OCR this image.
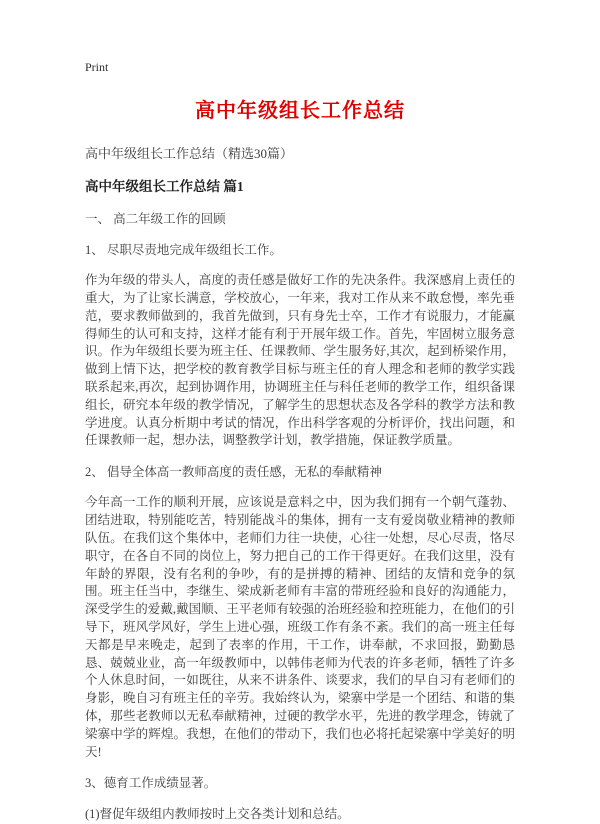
Print
高中年级组长工作总结
高中年级组长工作总结（精选30篇）
高中年级组长工作总结 篇1

一、 高二年级工作的回顾

1、 尽职尽责地完成年级组长工作。

作为年级的带头人，高度的责任感是做好工作的先决条件。我深感肩上责任的重大，为了让家长满意，学校放心，一年来，我对工作从来不敢怠慢，率先垂范，要求教师做到的，我首先做到，只有身先士卒，工作才有说服力，才能赢得师生的认可和支持，这样才能有利于开展年级工作。首先，牢固树立服务意识。作为年级组长要为班主任、任课教师、学生服务好,其次，起到桥梁作用，做到上情下达，把学校的教育教学目标与班主任的育人理念和老师的教学实践联系起来,再次，起到协调作用，协调班主任与科任老师的教学工作，组织备课组长，研究本年级的教学情况，了解学生的思想状态及各学科的教学方法和教学进度。认真分析期中考试的情况，作出科学客观的分析评价，找出问题，和任课教师一起，想办法，调整教学计划，教学措施，保证教学质量。

2、 倡导全体高一教师高度的责任感，无私的奉献精神

今年高一工作的顺利开展，应该说是意料之中，因为我们拥有一个朝气蓬勃、团结进取，特别能吃苦，特别能战斗的集体，拥有一支有爱岗敬业精神的教师队伍。在我们这个集体中，老师们力往一块使，心往一处想，尽心尽责，恪尽职守，在各自不同的岗位上，努力把自己的工作干得更好。在我们这里，没有年龄的界限，没有名利的争吵，有的是拼搏的精神、团结的友情和竞争的氛围。班主任当中，李继生、梁成新老师有丰富的带班经验和良好的沟通能力，深受学生的爱戴,戴国顺、王平老师有较强的治班经验和控班能力，在他们的引导下，班风学风好，学生上进心强，班级工作有条不紊。我们的高一班主任每天都是早来晚走，起到了表率的作用，干工作，讲奉献，不求回报，勤勤恳恳、兢兢业业，高一年级教师中，以韩伟老师为代表的许多老师，牺牲了许多个人休息时间，一如既往，从来不讲条件、谈要求，我们的早自习有老师们的身影，晚自习有班主任的辛劳。我始终认为，梁寨中学是一个团结、和谐的集体，那些老教师以无私奉献精神，过硬的教学水平，先进的教学理念，铸就了梁寨中学的辉煌。我想，在他们的带动下，我们也必将托起梁寨中学美好的明天!

3、德育工作成绩显著。

(1)督促年级组内教师按时上交各类计划和总结。
